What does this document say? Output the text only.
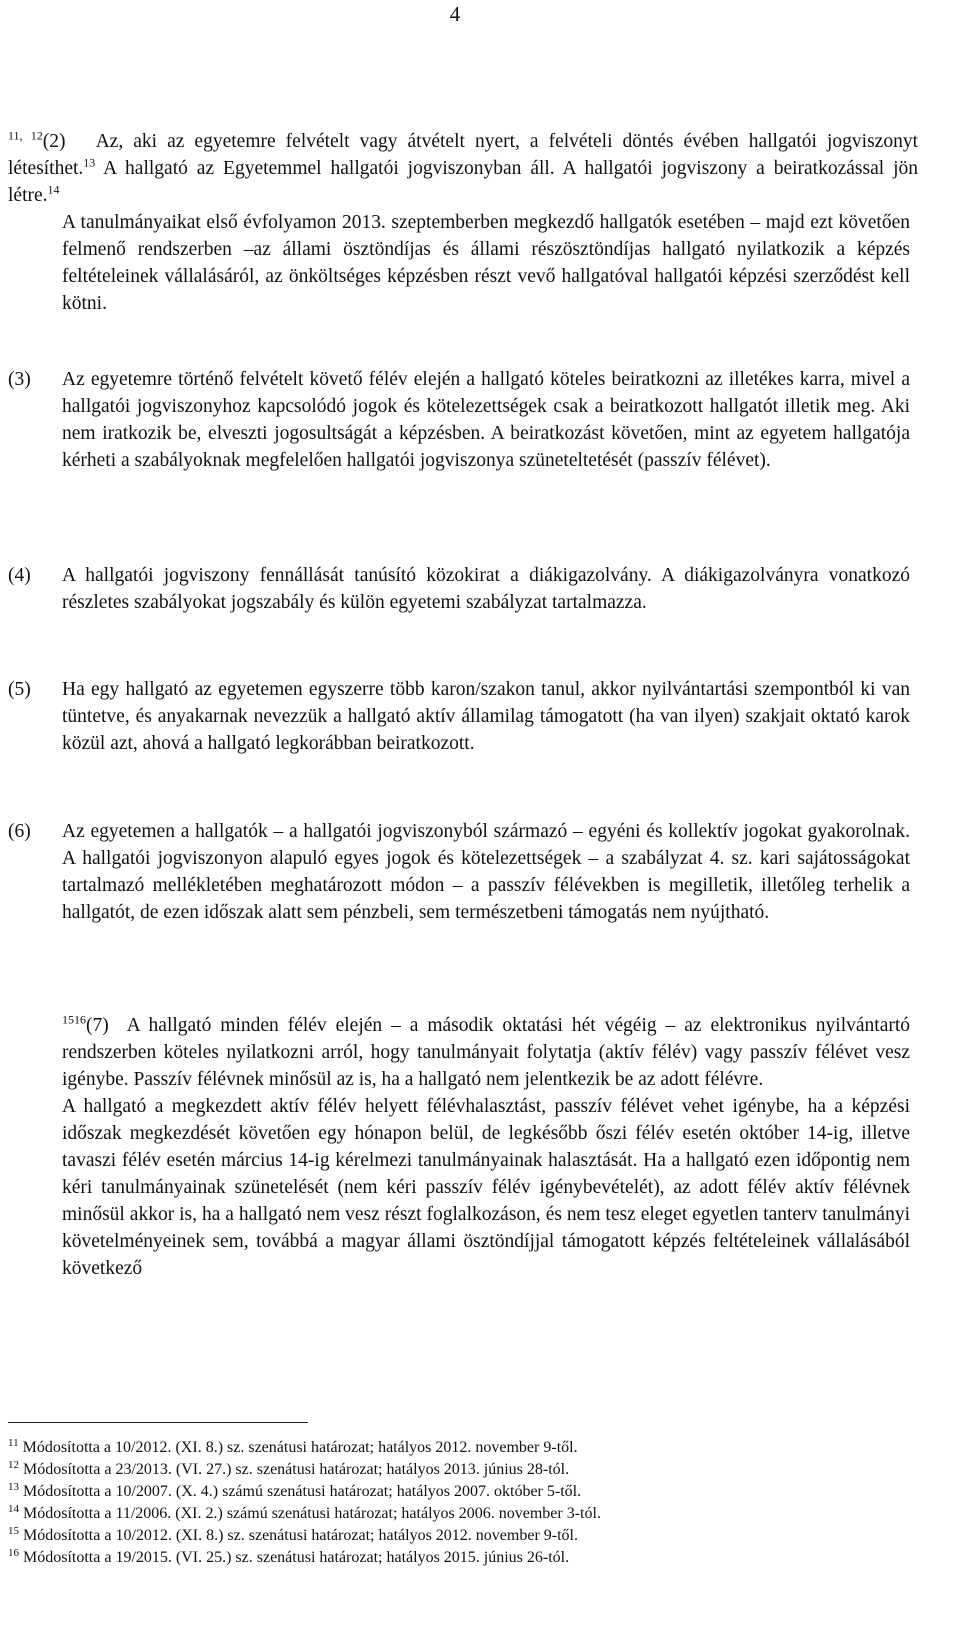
4

$^{11, 12}$(2) Az, aki az egyetemre felvételt vagy átvételt nyert, a felvételi döntés évében hallgatói jogviszonyt létesíthet.$^{13}$ A hallgató az Egyetemmel hallgatói jogviszonyban áll. A hallgatói jogviszony a beiratkozással jön létre.$^{14}$

A tanulmányaikat első évfolyamon 2013. szeptemberben megkezdő hallgatók esetében – majd ezt követően felmenő rendszerben –az állami ösztöndíjas és állami részösztöndíjas hallgató nyilatkozik a képzés feltételeinek vállalásáról, az önköltséges képzésben részt vevő hallgatóval hallgatói képzési szerződést kell kötni.

(3)	Az egyetemre történő felvételt követő félév elején a hallgató köteles beiratkozni az illetékes karra, mivel a hallgatói jogviszonyhoz kapcsolódó jogok és kötelezettségek csak a beiratkozott hallgatót illetik meg. Aki nem iratkozik be, elveszti jogosultságát a képzésben. A beiratkozást követően, mint az egyetem hallgatója kérheti a szabályoknak megfelelően hallgatói jogviszonya szüneteltetését (passzív félévet).

(4)	A hallgatói jogviszony fennállását tanúsító közokirat a diákigazolvány. A diákigazolványra vonatkozó részletes szabályokat jogszabály és külön egyetemi szabályzat tartalmazza.

(5)	Ha egy hallgató az egyetemen egyszerre több karon/szakon tanul, akkor nyilvántartási szempontból ki van tüntetve, és anyakarnak nevezzük a hallgató aktív államilag támogatott (ha van ilyen) szakjait oktató karok közül azt, ahová a hallgató legkorábban beiratkozott.

(6)	Az egyetemen a hallgatók – a hallgatói jogviszonyból származó – egyéni és kollektív jogokat gyakorolnak. A hallgatói jogviszonyon alapuló egyes jogok és kötelezettségek – a szabályzat 4. sz. kari sajátosságokat tartalmazó mellékletében meghatározott módon – a passzív félévekben is megilletik, illetőleg terhelik a hallgatót, de ezen időszak alatt sem pénzbeli, sem természetbeni támogatás nem nyújtható.

$^{1516}$(7) A hallgató minden félév elején – a második oktatási hét végéig – az elektronikus nyilvántartó rendszerben köteles nyilatkozni arról, hogy tanulmányait folytatja (aktív félév) vagy passzív félévet vesz igénybe. Passzív félévnek minősül az is, ha a hallgató nem jelentkezik be az adott félévre.

A hallgató a megkezdett aktív félév helyett félévhalasztást, passzív félévet vehet igénybe, ha a képzési időszak megkezdését követően egy hónapon belül, de legkésőbb őszi félév esetén október 14-ig, illetve tavaszi félév esetén március 14-ig kérelmezi tanulmányainak halasztását. Ha a hallgató ezen időpontig nem kéri tanulmányainak szünetelését (nem kéri passzív félév igénybevételét), az adott félév aktív félévnek minősül akkor is, ha a hallgató nem vesz részt foglalkozáson, és nem tesz eleget egyetlen tanterv tanulmányi követelményeinek sem, továbbá a magyar állami ösztöndíjjal támogatott képzés feltételeinek vállalásából következő

$^{11}$ Módosította a 10/2012. (XI. 8.) sz. szenátusi határozat; hatályos 2012. november 9-től.
$^{12}$ Módosította a 23/2013. (VI. 27.) sz. szenátusi határozat; hatályos 2013. június 28-tól.
$^{13}$ Módosította a 10/2007. (X. 4.) számú szenátusi határozat; hatályos 2007. október 5-től.
$^{14}$ Módosította a 11/2006. (XI. 2.) számú szenátusi határozat; hatályos 2006. november 3-tól.
$^{15}$ Módosította a 10/2012. (XI. 8.) sz. szenátusi határozat; hatályos 2012. november 9-től.
$^{16}$ Módosította a 19/2015. (VI. 25.) sz. szenátusi határozat; hatályos 2015. június 26-tól.
